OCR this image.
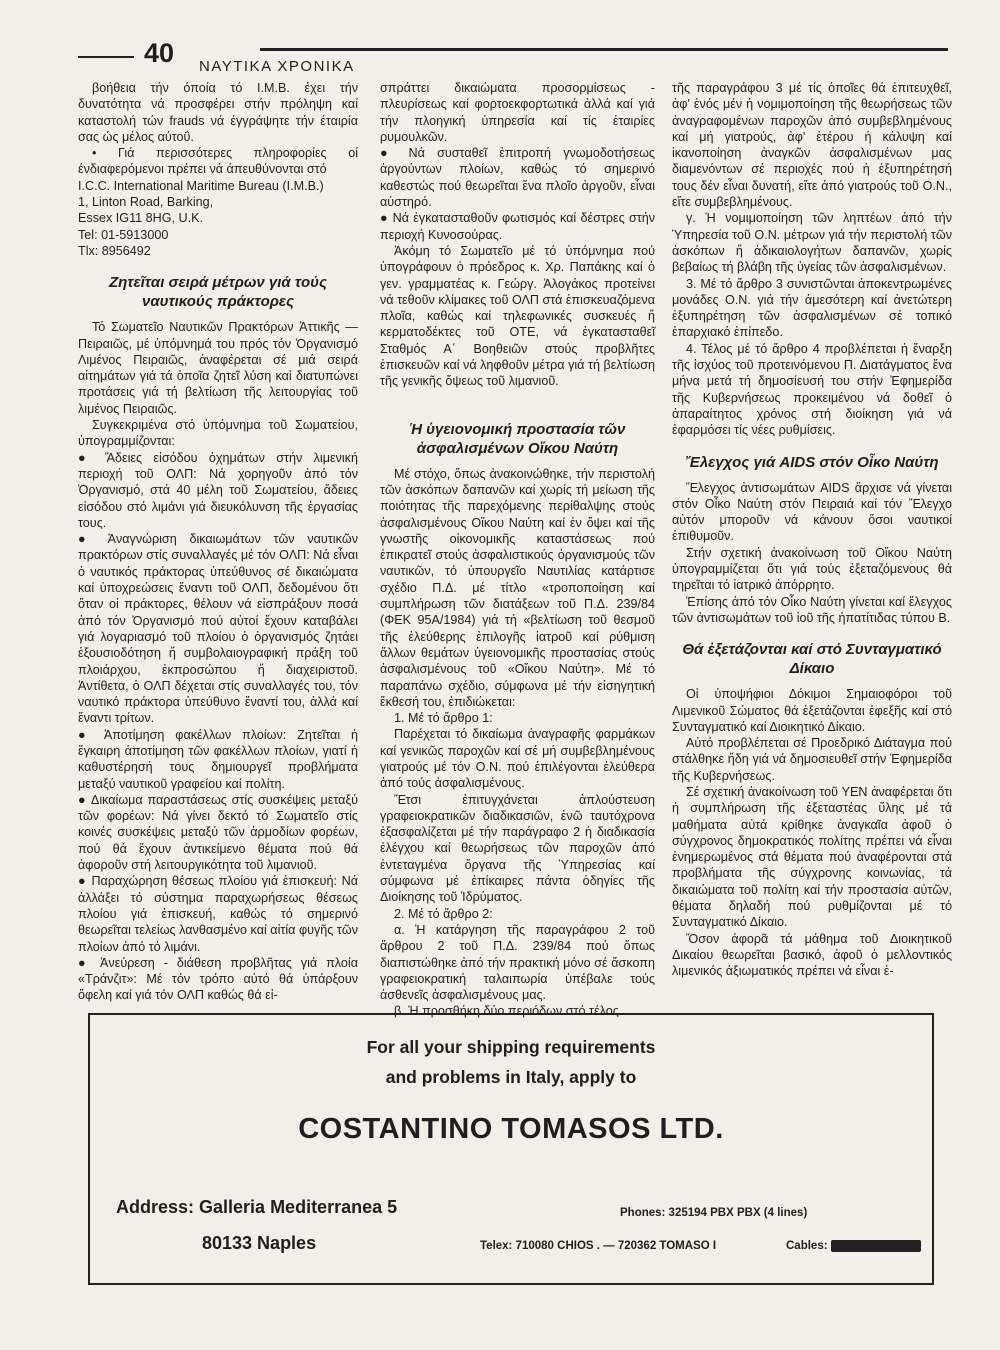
40 ΝΑΥΤΙΚΑ ΧΡΟΝΙΚΑ

βοήθεια τήν όποία τό I.M.B. έχει τήν δυνατότητα νά προσφέρει στήν πρόληψη καί καταστολή τών frauds νά έγγράψητε τήν έταιρία σας ώς μέλος αύτοΰ.

• Γιά περισσότερες πληροφορίες οί ένδιαφερόμενοι πρέπει νά άπευθύνονται στό

I.C.C. International Maritime Bureau (I.M.B.)

1, Linton Road, Barking,

Essex IG11 8HG, U.K.

Tel: 01-5913000

Tlx: 8956492

Ζητεῖται σειρά μέτρων γιά τούς ναυτικούς πράκτορες

Τό Σωματεῖο Ναυτικῶν Πρακτόρων Ἀττικῆς — Πειραιῶς, μέ ὑπόμνημά του πρός τόν Ὀργανισμό Λιμένος Πειραιῶς, ἀναφέρεται σέ μιά σειρά αἰτημάτων γιά τά ὁποῖα ζητεῖ λύση καί διατυπώνει προτάσεις γιά τή βελτίωση τῆς λειτουργίας τοῦ λιμένος Πειραιῶς.

Συγκεκριμένα στό ὑπόμνημα τοῦ Σωματείου, ὑπογραμμίζονται:

● Ἄδειες εἰσόδου ὀχημάτων στήν λιμενική περιοχή τοῦ ΟΛΠ: Νά χορηγοῦν ἀπό τόν Ὀργανισμό, στά 40 μέλη τοῦ Σωματείου, ἄδειες εἰσόδου στό λιμάνι γιά διευκόλυνση τῆς ἐργασίας τους.

● Ἀναγνώριση δικαιωμάτων τῶν ναυτικῶν πρακτόρων στίς συναλλαγές μέ τόν ΟΛΠ: Νά εἶναι ὁ ναυτικός πράκτορας ὑπεύθυνος σέ δικαιώματα καί ὑποχρεώσεις ἔναντι τοῦ ΟΛΠ, δεδομένου ὅτι ὅταν οἱ πράκτορες, θέλουν νά εἰσπράξουν ποσά ἀπό τόν Ὀργανισμό πού αὐτοί ἔχουν καταβάλει γιά λογαριασμό τοῦ πλοίου ὁ ὀργανισμός ζητάει ἐξουσιοδότηση ἤ συμβολαιογραφική πράξη τοῦ πλοιάρχου, ἐκπροσώπου ἤ διαχειριστοῦ. Ἀντίθετα, ὁ ΟΛΠ δέχεται στίς συναλλαγές του, τόν ναυτικό πράκτορα ὑπεύθυνο ἔναντί του, ἀλλά καί ἔναντι τρίτων.

● Ἀποτίμηση φακέλλων πλοίων: Ζητεῖται ἡ ἔγκαιρη ἀποτίμηση τῶν φακέλλων πλοίων, γιατί ἡ καθυστέρησή τους δημιουργεῖ προβλήματα μεταξύ ναυτικοῦ γραφείου καί πολίτη.

● Δικαίωμα παραστάσεως στίς συσκέψεις μεταξύ τῶν φορέων: Νά γίνει δεκτό τό Σωματεῖο στίς κοινές συσκέψεις μεταξύ τῶν ἁρμοδίων φορέων, πού θά ἔχουν ἀντικείμενο θέματα πού θά ἀφοροῦν στή λειτουργικότητα τοῦ λιμανιοῦ.

● Παραχώρηση θέσεως πλοίου γιά ἐπισκευή: Νά ἀλλάξει τό σύστημα παραχωρήσεως θέσεως πλοίου γιά ἐπισκευή, καθώς τό σημερινό θεωρεῖται τελείως λανθασμένο καί αἰτία φυγῆς τῶν πλοίων ἀπό τό λιμάνι.

● Ἀνεύρεση - διάθεση προβλῆτας γιά πλοία «Τράνζιτ»: Μέ τόν τρόπο αὐτό θά ὑπάρξουν ὄφελη καί γιά τόν ΟΛΠ καθώς θά εἰ-

σπράττει δικαιώματα προσορμίσεως - πλευρίσεως καί φορτοεκφορτωτικά ἀλλά καί γιά τήν πλοηγική ὑπηρεσία καί τίς ἑταιρίες ρυμουλκῶν.

● Νά συσταθεῖ ἐπιτροπή γνωμοδοτήσεως ἀργούντων πλοίων, καθώς τό σημερινό καθεστώς πού θεωρεῖται ἕνα πλοῖο ἀργοῦν, εἶναι αὐστηρό.

● Νά ἐγκατασταθοῦν φωτισμός καί δέστρες στήν περιοχή Κυνοσούρας.

Ἀκόμη τό Σωματεῖο μέ τό ὑπόμνημα πού ὑπογράφουν ὁ πρόεδρος κ. Χρ. Παπάκης καί ὁ γεν. γραμματέας κ. Γεώργ. Ἀλογάκος προτείνει νά τεθοῦν κλίμακες τοῦ ΟΛΠ στά ἐπισκευαζόμενα πλοῖα, καθώς καί τηλεφωνικές συσκευές ἤ κερματοδέκτες τοῦ ΟΤΕ, νά ἐγκατασταθεῖ Σταθμός Α΄ Βοηθειῶν στούς προβλῆτες ἐπισκευῶν καί νά ληφθοῦν μέτρα γιά τή βελτίωση τῆς γενικῆς ὄψεως τοῦ λιμανιοῦ.

Ἡ ὑγειονομική προστασία τῶν ἀσφαλισμένων Οἴκου Ναύτη

Μέ στόχο, ὅπως ἀνακοινώθηκε, τήν περιστολή τῶν ἀσκόπων δαπανῶν καί χωρίς τή μείωση τῆς ποιότητας τῆς παρεχόμενης περίθαλψης στούς ἀσφαλισμένους Οἴκου Ναύτη καί ἐν ὄψει καί τῆς γνωστῆς οἰκονομικῆς καταστάσεως πού ἐπικρατεῖ στούς ἀσφαλιστικούς ὀργανισμούς τῶν ναυτικῶν, τό ὑπουργεῖο Ναυτιλίας κατάρτισε σχέδιο Π.Δ. μέ τίτλο «τροποποίηση καί συμπλήρωση τῶν διατάξεων τοῦ Π.Δ. 239/84 (ΦΕΚ 95Α/1984) γιά τή «βελτίωση τοῦ θεσμοῦ τῆς ἐλεύθερης ἐπιλογῆς ἰατροῦ καί ρύθμιση ἄλλων θεμάτων ὑγειονομικῆς προστασίας στούς ἀσφαλισμένους τοῦ «Οἴκου Ναύτη». Μέ τό παραπάνω σχέδιο, σύμφωνα μέ τήν εἰσηγητική ἔκθεσή του, ἐπιδιώκεται:

1. Μέ τό ἄρθρο 1:

Παρέχεται τό δικαίωμα ἀναγραφῆς φαρμάκων καί γενικῶς παροχῶν καί σέ μή συμβεβλημένους γιατρούς μέ τόν Ο.Ν. πού ἐπιλέγονται ἐλεύθερα ἀπό τούς ἀσφαλισμένους.

Ἔτσι ἐπιτυγχάνεται ἁπλούστευση γραφειοκρατικῶν διαδικασιῶν, ἐνῶ ταυτόχρονα ἐξασφαλίζεται μέ τήν παράγραφο 2 ἡ διαδικασία ἐλέγχου καί θεωρήσεως τῶν παροχῶν ἀπό ἐντεταγμένα ὄργανα τῆς Ὑπηρεσίας καί σύμφωνα μέ ἐπίκαιρες πάντα ὁδηγίες τῆς Διοίκησης τοῦ Ἱδρύματος.

2. Μέ τό ἄρθρο 2:

α. Ἡ κατάργηση τῆς παραγράφου 2 τοῦ ἄρθρου 2 τοῦ Π.Δ. 239/84 πού ὅπως διαπιστώθηκε ἀπό τήν πρακτική μόνο σέ ἄσκοπη γραφειοκρατική ταλαιπωρία ὑπέβαλε τούς ἀσθενεῖς ἀσφαλισμένους μας.

β. Ἡ προσθήκη δύο περιόδων στό τέλος

τῆς παραγράφου 3 μέ τίς ὁποῖες θά ἐπιτευχθεῖ, ἀφ' ἑνός μέν ἡ νομιμοποίηση τῆς θεωρήσεως τῶν ἀναγραφομένων παροχῶν ἀπό συμβεβλημένους καί μή γιατρούς, ἀφ' ἑτέρου ἡ κάλυψη καί ἱκανοποίηση ἀναγκῶν ἀσφαλισμένων μας διαμενόντων σέ περιοχές πού ἡ ἐξυπηρέτησή τους δέν εἶναι δυνατή, εἴτε ἀπό γιατρούς τοῦ Ο.Ν., εἴτε συμβεβλημένους.

γ. Ἡ νομιμοποίηση τῶν ληπτέων ἀπό τήν Ὑπηρεσία τοῦ Ο.Ν. μέτρων γιά τήν περιστολή τῶν ἀσκόπων ἤ ἀδικαιολογήτων δαπανῶν, χωρίς βεβαίως τή βλάβη τῆς ὑγείας τῶν ἀσφαλισμένων.

3. Μέ τό ἄρθρο 3 συνιστῶνται ἀποκεντρωμένες μονάδες Ο.Ν. γιά τήν ἀμεσότερη καί ἀνετώτερη ἐξυπηρέτηση τῶν ἀσφαλισμένων σέ τοπικό ἐπαρχιακό ἐπίπεδο.

4. Τέλος μέ τό ἄρθρο 4 προβλέπεται ἡ ἔναρξη τῆς ἰσχύος τοῦ προτεινόμενου Π. Διατάγματος ἕνα μήνα μετά τή δημοσίευσή του στήν Ἐφημερίδα τῆς Κυβερνήσεως προκειμένου νά δοθεῖ ὁ ἀπαραίτητος χρόνος στή διοίκηση γιά νά ἐφαρμόσει τίς νέες ρυθμίσεις.

Ἔλεγχος γιά AIDS στόν Οἶκο Ναύτη

Ἔλεγχος ἀντισωμάτων AIDS ἄρχισε νά γίνεται στόν Οἶκο Ναύτη στόν Πειραιά καί τόν Ἔλεγχο αὐτόν μποροῦν νά κάνουν ὅσοι ναυτικοί ἐπιθυμοῦν.

Στήν σχετική ἀνακοίνωση τοῦ Οἴκου Ναύτη ὑπογραμμίζεται ὅτι γιά τούς ἐξεταζόμενους θά τηρεῖται τό ἰατρικό ἀπόρρητο.

Ἐπίσης ἀπό τόν Οἶκο Ναύτη γίνεται καί ἔλεγχος τῶν ἀντισωμάτων τοῦ ἰοῦ τῆς ἠπατίτιδας τύπου Β.

Θά ἐξετάζονται καί στό Συνταγματικό Δίκαιο

Οἱ ὑποψήφιοι Δόκιμοι Σημαιοφόροι τοῦ Λιμενικοῦ Σώματος θά ἐξετάζονται ἐφεξῆς καί στό Συνταγματικό καί Διοικητικό Δίκαιο.

Αὐτό προβλέπεται σέ Προεδρικό Διάταγμα πού στάλθηκε ἤδη γιά νά δημοσιευθεῖ στήν Ἐφημερίδα τῆς Κυβερνήσεως.

Σέ σχετική ἀνακοίνωση τοῦ ΥΕΝ ἀναφέρεται ὅτι ἡ συμπλήρωση τῆς ἐξεταστέας ὕλης μέ τά μαθήματα αὐτά κρίθηκε ἀναγκαῖα ἀφοῦ ὁ σύγχρονος δημοκρατικός πολίτης πρέπει νά εἶναι ἐνημερωμένος στά θέματα πού ἀναφέρονται στά προβλήματα τῆς σύγχρονης κοινωνίας, τά δικαιώματα τοῦ πολίτη καί τήν προστασία αὐτῶν, θέματα δηλαδή πού ρυθμίζονται μέ τό Συνταγματικό Δίκαιο.

Ὅσον ἀφορᾶ τά μάθημα τοῦ Διοικητικοῦ Δικαίου θεωρεῖται βασικό, ἀφοῦ ὁ μελλοντικός λιμενικός ἀξιωματικός πρέπει νά εἶναι ἐ-

For all your shipping requirements
and problems in Italy, apply to
COSTANTINO TOMASOS LTD.
Address: Galleria Mediterranea 5
80133 Naples
Phones: 325194 PBX PBX (4 lines)
Telex: 710080 CHIOS . — 720362 TOMASO I	Cables: CHIOS NAPLES
